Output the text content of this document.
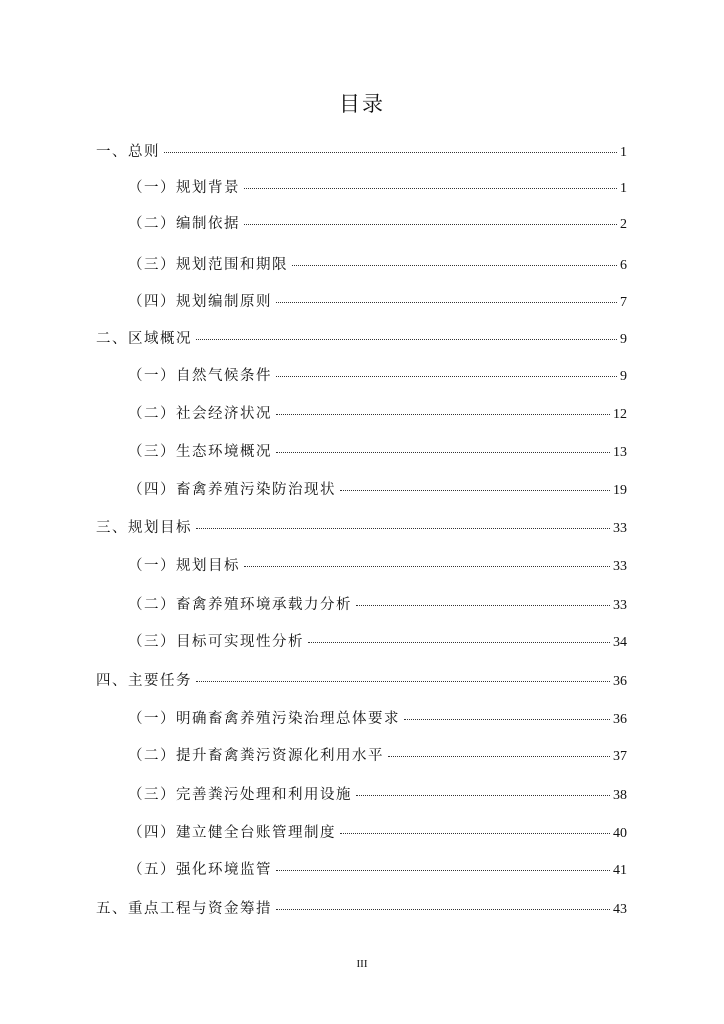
目录
一、总则	1
（一）规划背景	1
（二）编制依据	2
（三）规划范围和期限	6
（四）规划编制原则	7
二、区域概况	9
（一）自然气候条件	9
（二）社会经济状况	12
（三）生态环境概况	13
（四）畜禽养殖污染防治现状	19
三、规划目标	33
（一）规划目标	33
（二）畜禽养殖环境承载力分析	33
（三）目标可实现性分析	34
四、主要任务	36
（一）明确畜禽养殖污染治理总体要求	36
（二）提升畜禽粪污资源化利用水平	37
（三）完善粪污处理和利用设施	38
（四）建立健全台账管理制度	40
（五）强化环境监管	41
五、重点工程与资金筹措	43
III
